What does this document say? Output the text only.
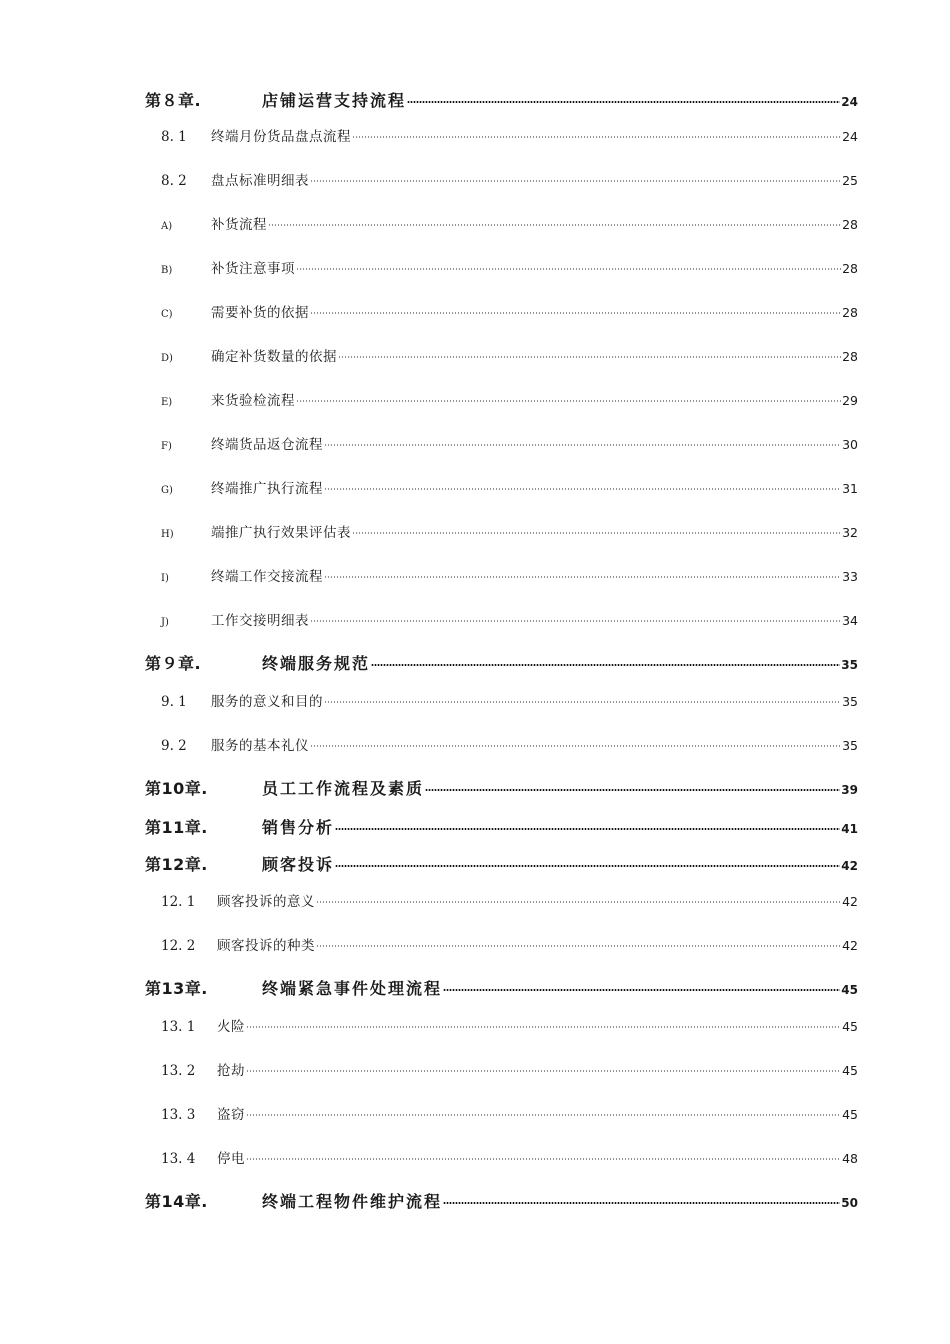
第８章.	店铺运营支持流程	24
8. 1	终端月份货品盘点流程	24
8. 2	盘点标准明细表	25
A)	补货流程	28
B)	补货注意事项	28
C)	需要补货的依据	28
D)	确定补货数量的依据	28
E)	来货验检流程	29
F)	终端货品返仓流程	30
G)	终端推广执行流程	31
H)	端推广执行效果评估表	32
I)	终端工作交接流程	33
J)	工作交接明细表	34
第９章.	终端服务规范	35
9. 1	服务的意义和目的	35
9. 2	服务的基本礼仪	35
第10章.	员工工作流程及素质	39
第11章.	销售分析	41
第12章.	顾客投诉	42
12. 1	顾客投诉的意义	42
12. 2	顾客投诉的种类	42
第13章.	终端紧急事件处理流程	45
13. 1	火险	45
13. 2	抢劫	45
13. 3	盗窃	45
13. 4	停电	48
第14章.	终端工程物件维护流程	50
